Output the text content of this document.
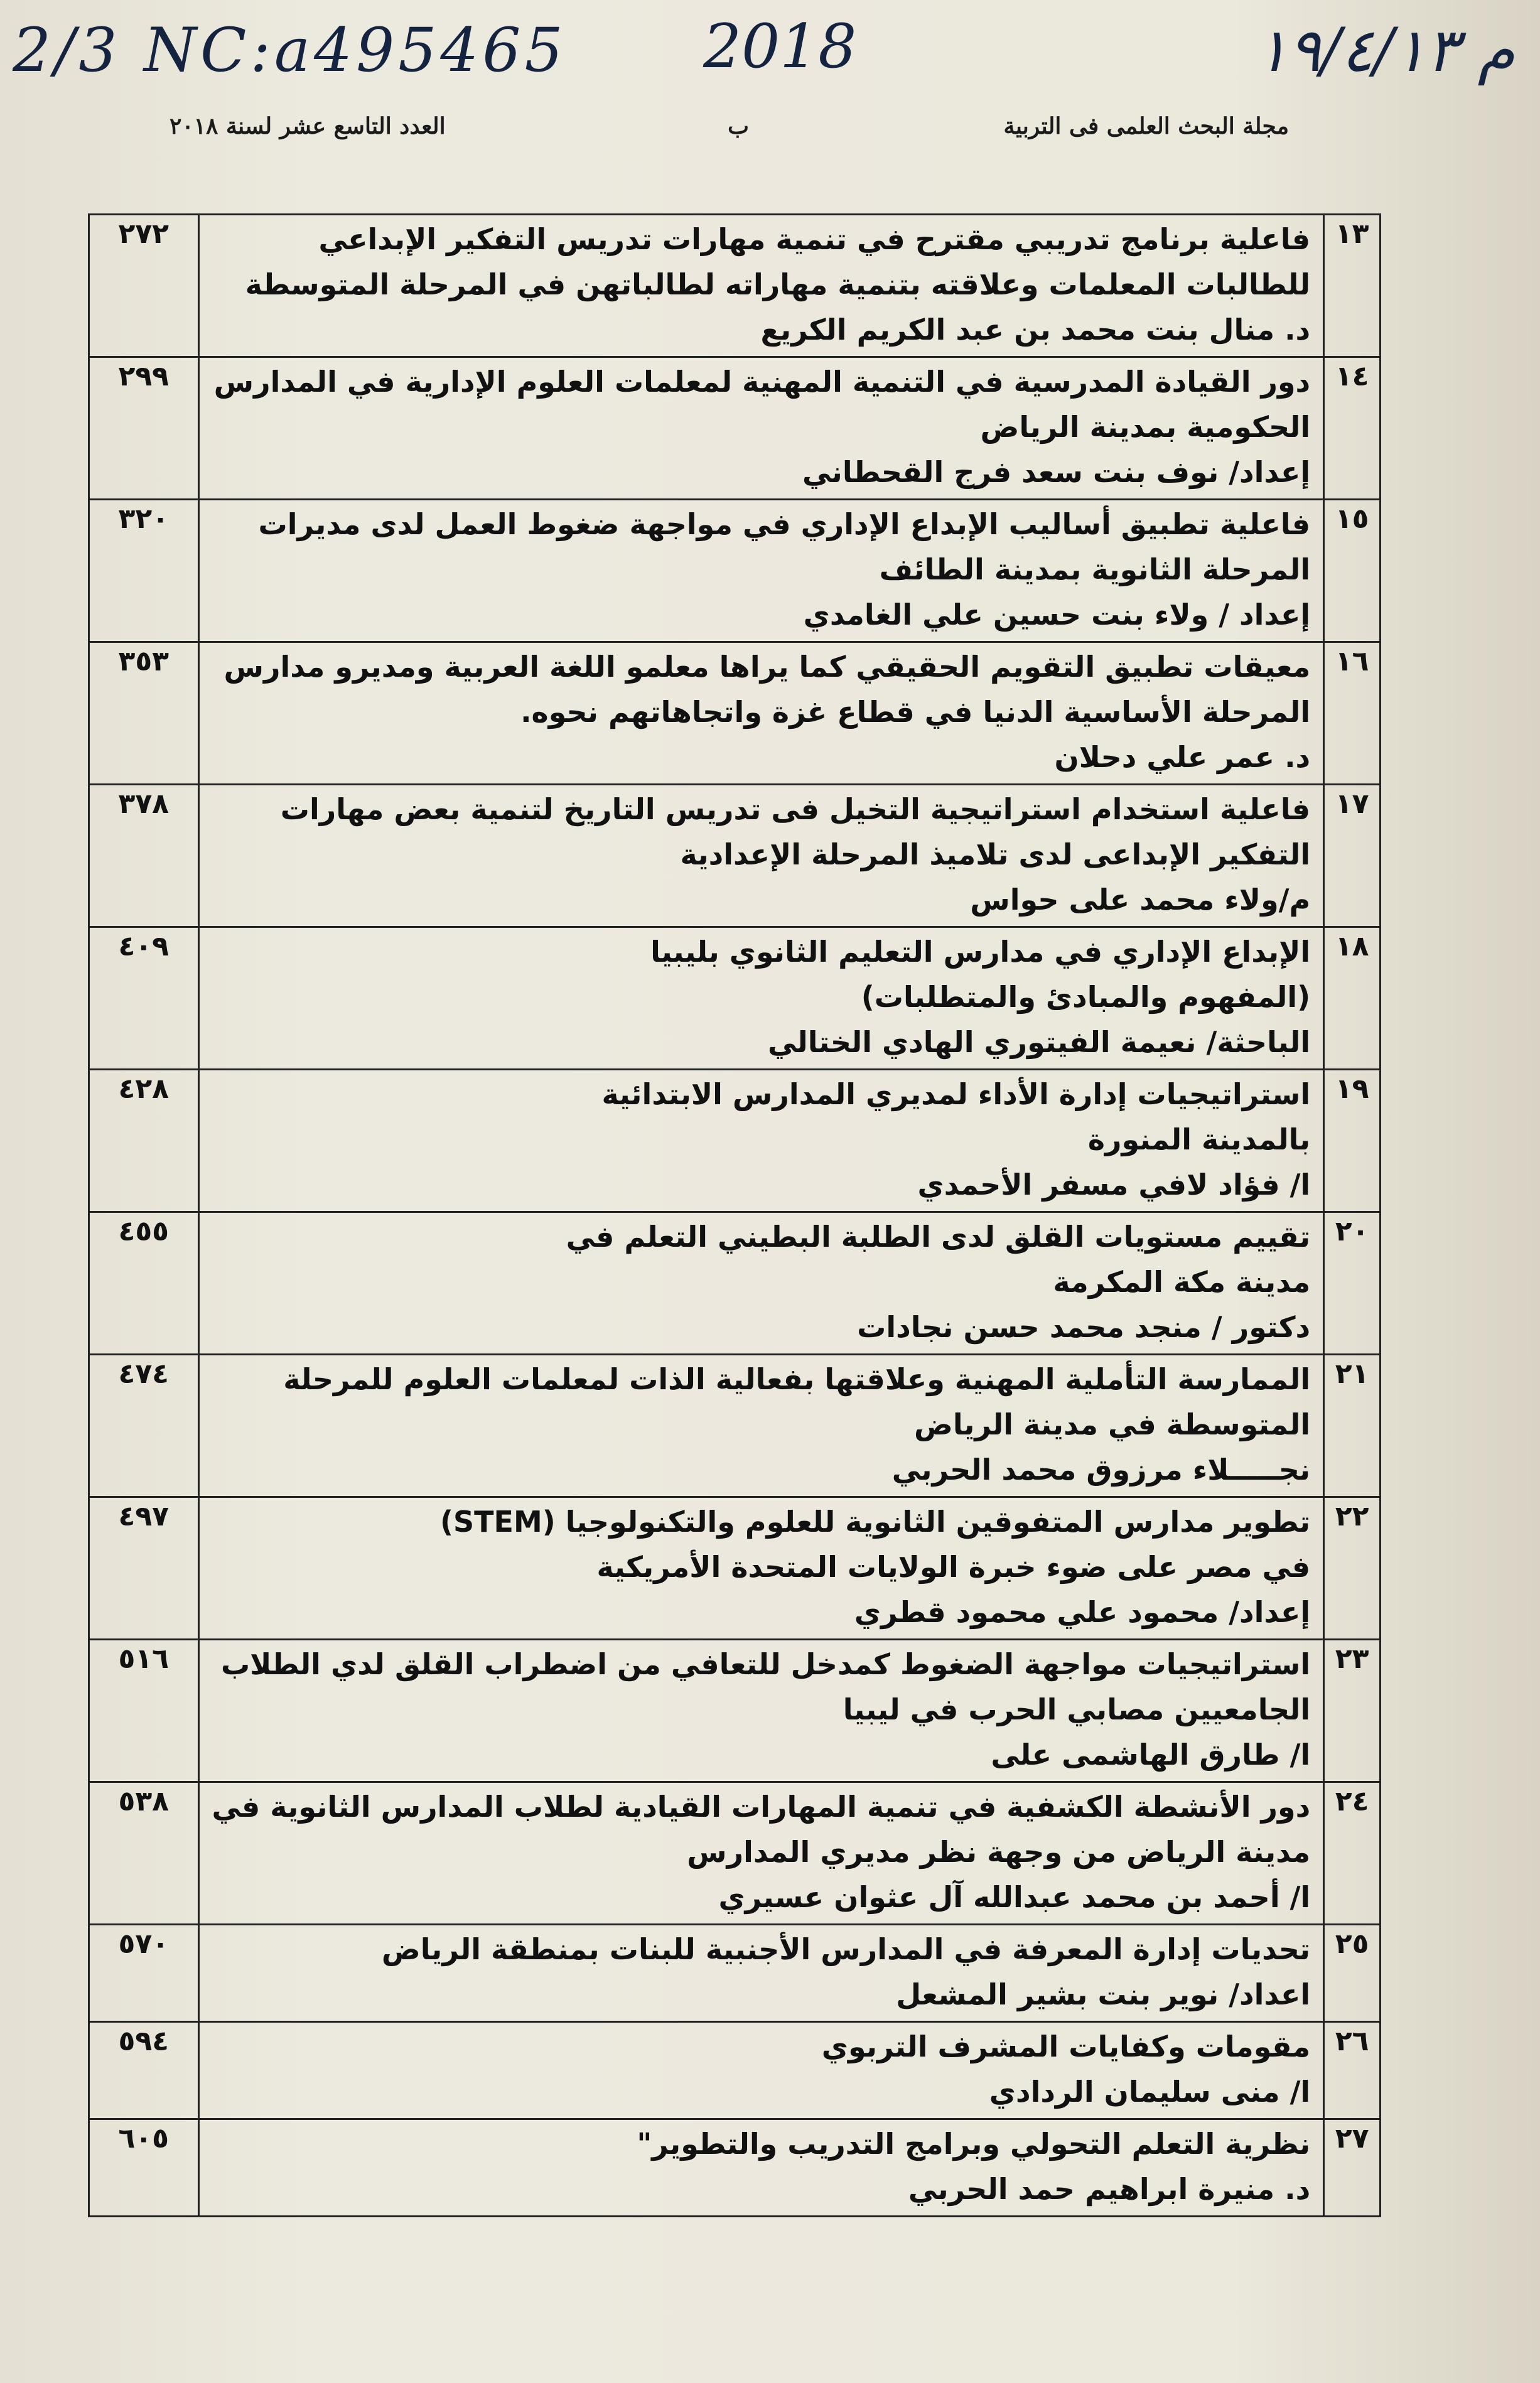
2/3 NC:a495465 2018	م ١٩/٤/١٣
مجلة البحث العلمى فى التربية
ب
العدد التاسع عشر لسنة ٢٠١٨
١٣	فاعلية برنامج تدريبي مقترح في تنمية مهارات تدريس التفكير الإبداعي
للطالبات المعلمات وعلاقته بتنمية مهاراته لطالباتهن في المرحلة المتوسطة
د. منال بنت محمد بن عبد الكريم الكريع	٢٧٢
١٤	دور القيادة المدرسية في التنمية المهنية لمعلمات العلوم الإدارية في المدارس
الحكومية بمدينة الرياض
إعداد/ نوف بنت سعد فرج القحطاني	٢٩٩
١٥	فاعلية تطبيق أساليب الإبداع الإداري في مواجهة ضغوط العمل لدى مديرات
المرحلة الثانوية بمدينة الطائف
إعداد / ولاء بنت حسين علي الغامدي	٣٢٠
١٦	معيقات تطبيق التقويم الحقيقي كما يراها معلمو اللغة العربية ومديرو مدارس
المرحلة الأساسية الدنيا في قطاع غزة واتجاهاتهم نحوه.
د. عمر علي دحلان	٣٥٣
١٧	فاعلية استخدام استراتيجية التخيل فى تدريس التاريخ لتنمية بعض مهارات
التفكير الإبداعى لدى تلاميذ المرحلة الإعدادية
م/ولاء محمد على حواس	٣٧٨
١٨	الإبداع الإداري في مدارس التعليم الثانوي بليبيا
(المفهوم والمبادئ والمتطلبات)
الباحثة/ نعيمة الفيتوري الهادي الختالي	٤٠٩
١٩	استراتيجيات إدارة الأداء لمديري المدارس الابتدائية
بالمدينة المنورة
ا/ فؤاد لافي مسفر الأحمدي	٤٢٨
٢٠	تقييم مستويات القلق لدى الطلبة البطيني التعلم في
مدينة مكة المكرمة
دكتور / منجد محمد حسن نجادات	٤٥٥
٢١	الممارسة التأملية المهنية وعلاقتها بفعالية الذات لمعلمات العلوم للمرحلة
المتوسطة في مدينة الرياض
نجـــــلاء مرزوق محمد الحربي	٤٧٤
٢٢	تطوير مدارس المتفوقين الثانوية للعلوم والتكنولوجيا (STEM)
في مصر على ضوء خبرة الولايات المتحدة الأمريكية
إعداد/ محمود علي محمود قطري	٤٩٧
٢٣	استراتيجيات مواجهة الضغوط كمدخل للتعافي من اضطراب القلق لدي الطلاب
الجامعيين مصابي الحرب في ليبيا
ا/ طارق الهاشمى على	٥١٦
٢٤	دور الأنشطة الكشفية في تنمية المهارات القيادية لطلاب المدارس الثانوية في
مدينة الرياض من وجهة نظر مديري المدارس
ا/ أحمد بن محمد عبدالله آل عثوان عسيري	٥٣٨
٢٥	تحديات إدارة المعرفة في المدارس الأجنبية للبنات بمنطقة الرياض
اعداد/ نوير بنت بشير المشعل	٥٧٠
٢٦	مقومات وكفايات المشرف التربوي
ا/ منى سليمان الردادي	٥٩٤
٢٧	نظرية التعلم التحولي وبرامج التدريب والتطوير"
د. منيرة ابراهيم حمد الحربي	٦٠٥
